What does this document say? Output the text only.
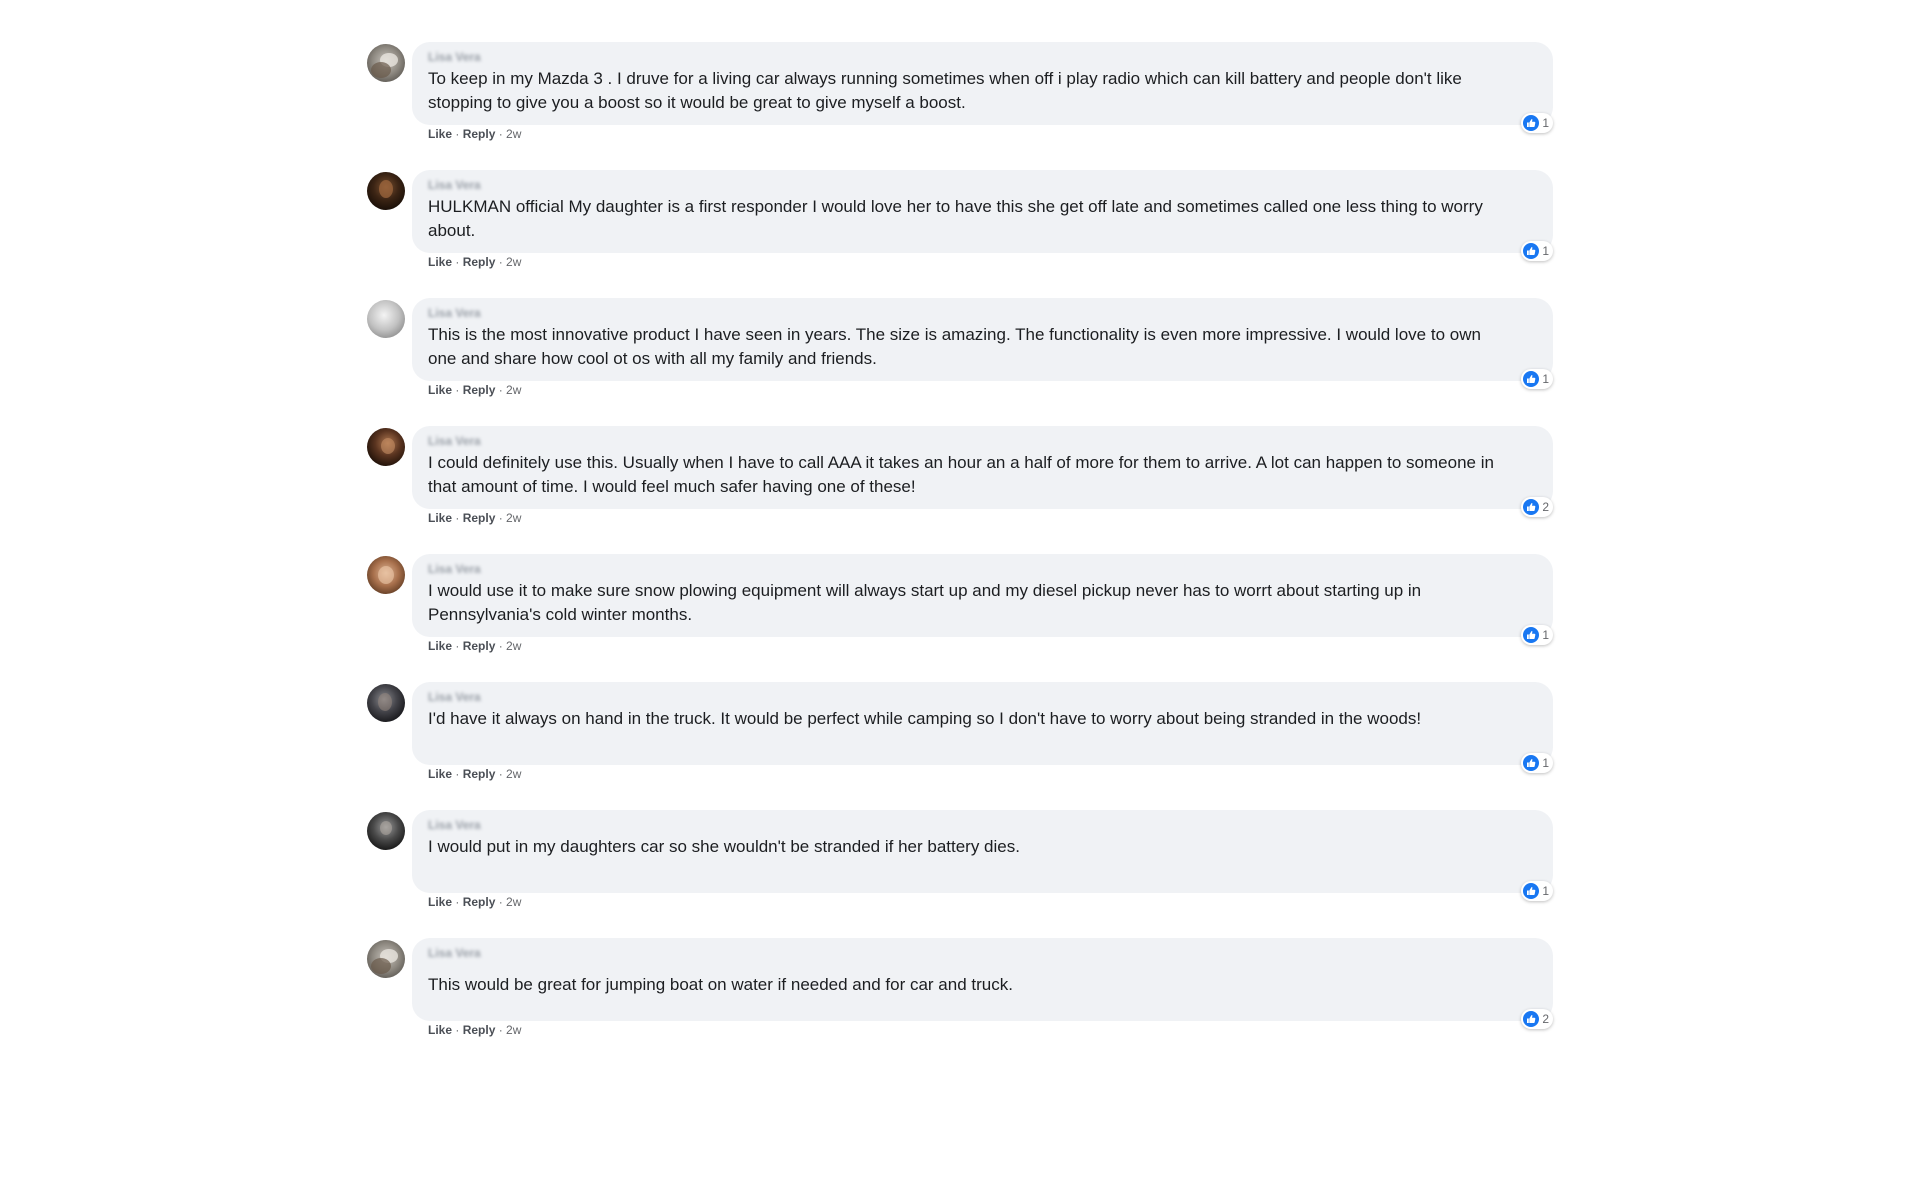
Lisa Vera
To keep in my Mazda 3 . I druve for a living car always running sometimes when off i play radio which can kill battery and people don't like stopping to give you a boost so it would be great to give myself a boost.
1
Like · Reply · 2w
Lisa Vera
HULKMAN official My daughter is a first responder I would love her to have this she get off late and sometimes called one less thing to worry about.
1
Like · Reply · 2w
Lisa Vera
This is the most innovative product I have seen in years. The size is amazing. The functionality is even more impressive. I would love to own one and share how cool ot os with all my family and friends.
1
Like · Reply · 2w
Lisa Vera
I could definitely use this. Usually when I have to call AAA it takes an hour an a half of more for them to arrive. A lot can happen to someone in that amount of time. I would feel much safer having one of these!
2
Like · Reply · 2w
Lisa Vera
I would use it to make sure snow plowing equipment will always start up and my diesel pickup never has to worrt about starting up in Pennsylvania's cold winter months.
1
Like · Reply · 2w
Lisa Vera
I'd have it always on hand in the truck. It would be perfect while camping so I don't have to worry about being stranded in the woods!
1
Like · Reply · 2w
Lisa Vera
I would put in my daughters car so she wouldn't be stranded if her battery dies.
1
Like · Reply · 2w
Lisa Vera
This would be great for jumping boat on water if needed and for car and truck.
2
Like · Reply · 2w
